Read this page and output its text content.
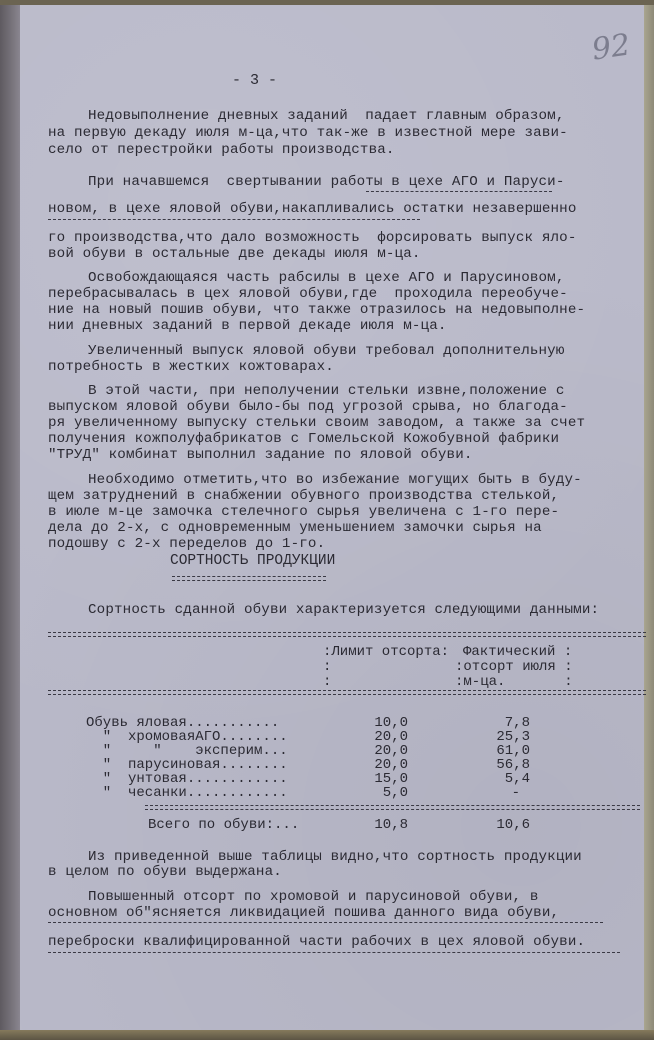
92
- 3 -
Недовыполнение дневных заданий  падает главным образом,
на первую декаду июля м-ца,что так-же в известной мере зави-
село от перестройки работы производства.
При начавшемся  свертывании работы в цехе АГО и Паруси-
новом, в цехе яловой обуви,накапливались остатки незавершенно
го производства,что дало возможность  форсировать выпуск яло-
вой обуви в остальные две декады июля м-ца.
Освобождающаяся часть рабсилы в цехе АГО и Парусиновом,
перебрасывалась в цех яловой обуви,где  проходила переобуче-
ние на новый пошив обуви, что также отразилось на недовыполне-
нии дневных заданий в первой декаде июля м-ца.
Увеличенный выпуск яловой обуви требовал дополнительную
потребность в жестких кожтоварах.
В этой части, при неполучении стельки извне,положение с
выпуском яловой обуви было-бы под угрозой срыва, но благода-
ря увеличенному выпуску стельки своим заводом, а также за счет
получения кожполуфабрикатов с Гомельской Кожобувной фабрики
"ТРУД" комбинат выполнил задание по яловой обуви.
Необходимо отметить,что во избежание могущих быть в буду-
щем затруднений в снабжении обувного производства стелькой,
в июле м-це замочка стелечного сырья увеличена с 1-го пере-
дела до 2-х, с одновременным уменьшением замочки сырья на
подошву с 2-х переделов до 1-го.
СОРТНОСТЬ ПРОДУКЦИИ
Сортность сданной обуви характеризуется следующими данными:
:Лимит отсорта: Фактический :
:	:отсорт июля :
:	:м-ца.       :
Обувь яловая...........	10,0	7,8
"  хромоваяАГО........	20,0	25,3
"     "    эксперим...	20,0	61,0
"  парусиновая........	20,0	56,8
"  унтовая............	15,0	5,4
"  чесанки............	5,0	-
Всего по обуви:...	10,8	10,6
Из приведенной выше таблицы видно,что сортность продукции
в целом по обуви выдержана.
Повышенный отсорт по хромовой и парусиновой обуви, в
основном об"ясняется ликвидацией пошива данного вида обуви,
переброски квалифицированной части рабочих в цех яловой обуви.
